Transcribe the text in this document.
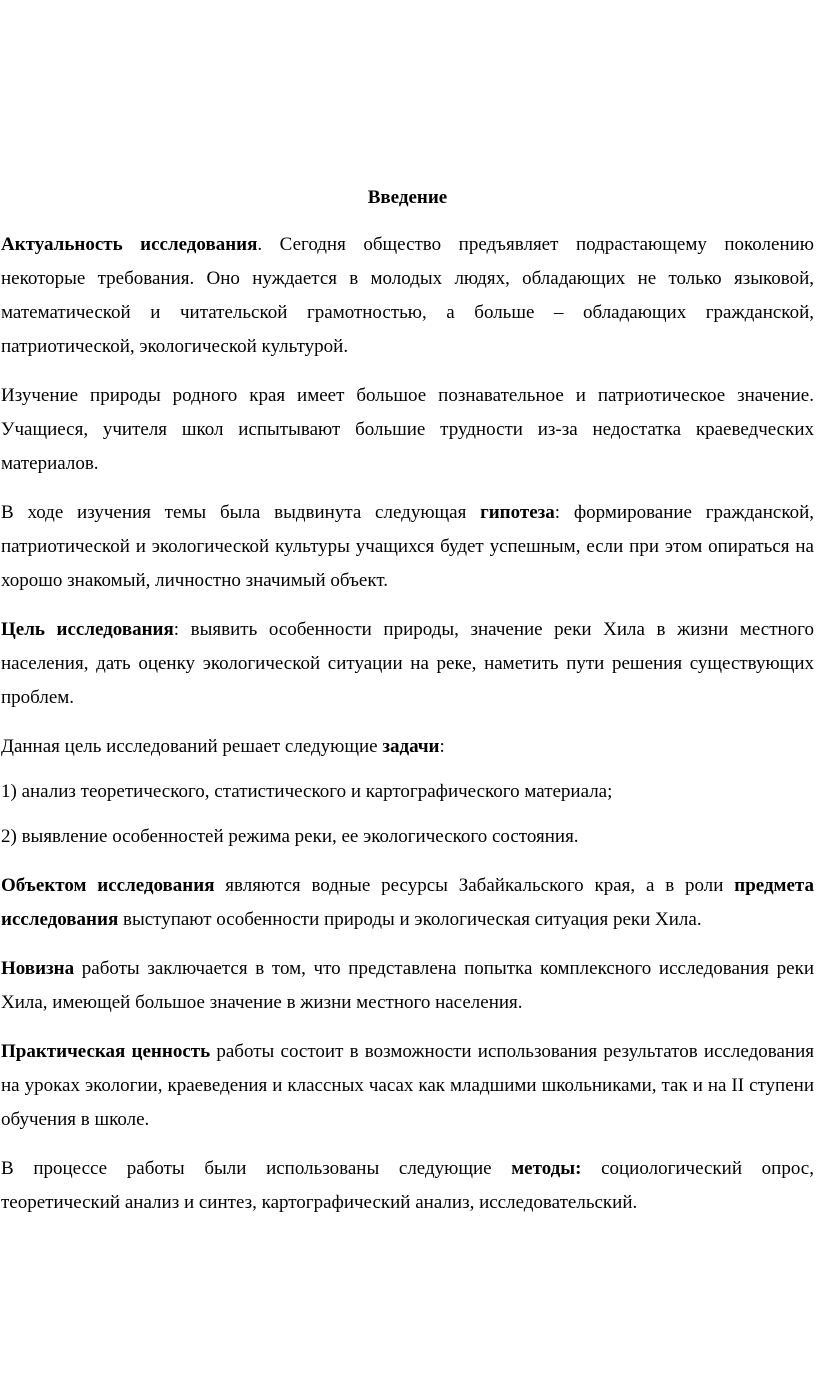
Введение

Актуальность исследования. Сегодня общество предъявляет подрастающему поколению некоторые требования. Оно нуждается в молодых людях, обладающих не только языковой, математической и читательской грамотностью, а больше – обладающих гражданской, патриотической, экологической культурой.

Изучение природы родного края имеет большое познавательное и патриотическое значение. Учащиеся, учителя школ испытывают большие трудности из-за недостатка краеведческих материалов.

В ходе изучения темы была выдвинута следующая гипотеза: формирование гражданской, патриотической и экологической культуры учащихся будет успешным, если при этом опираться на хорошо знакомый, личностно значимый объект.

Цель исследования: выявить особенности природы, значение реки Хила в жизни местного населения, дать оценку экологической ситуации на реке, наметить пути решения существующих проблем.

Данная цель исследований решает следующие задачи:

1) анализ теоретического, статистического и картографического материала;

2) выявление особенностей режима реки, ее экологического состояния.

Объектом исследования являются водные ресурсы Забайкальского края, а в роли предмета исследования выступают особенности природы и экологическая ситуация реки Хила.

Новизна работы заключается в том, что представлена попытка комплексного исследования реки Хила, имеющей большое значение в жизни местного населения.

Практическая ценность работы состоит в возможности использования результатов исследования на уроках экологии, краеведения и классных часах как младшими школьниками, так и на II ступени обучения в школе.

В процессе работы были использованы следующие методы: социологический опрос, теоретический анализ и синтез, картографический анализ, исследовательский.
